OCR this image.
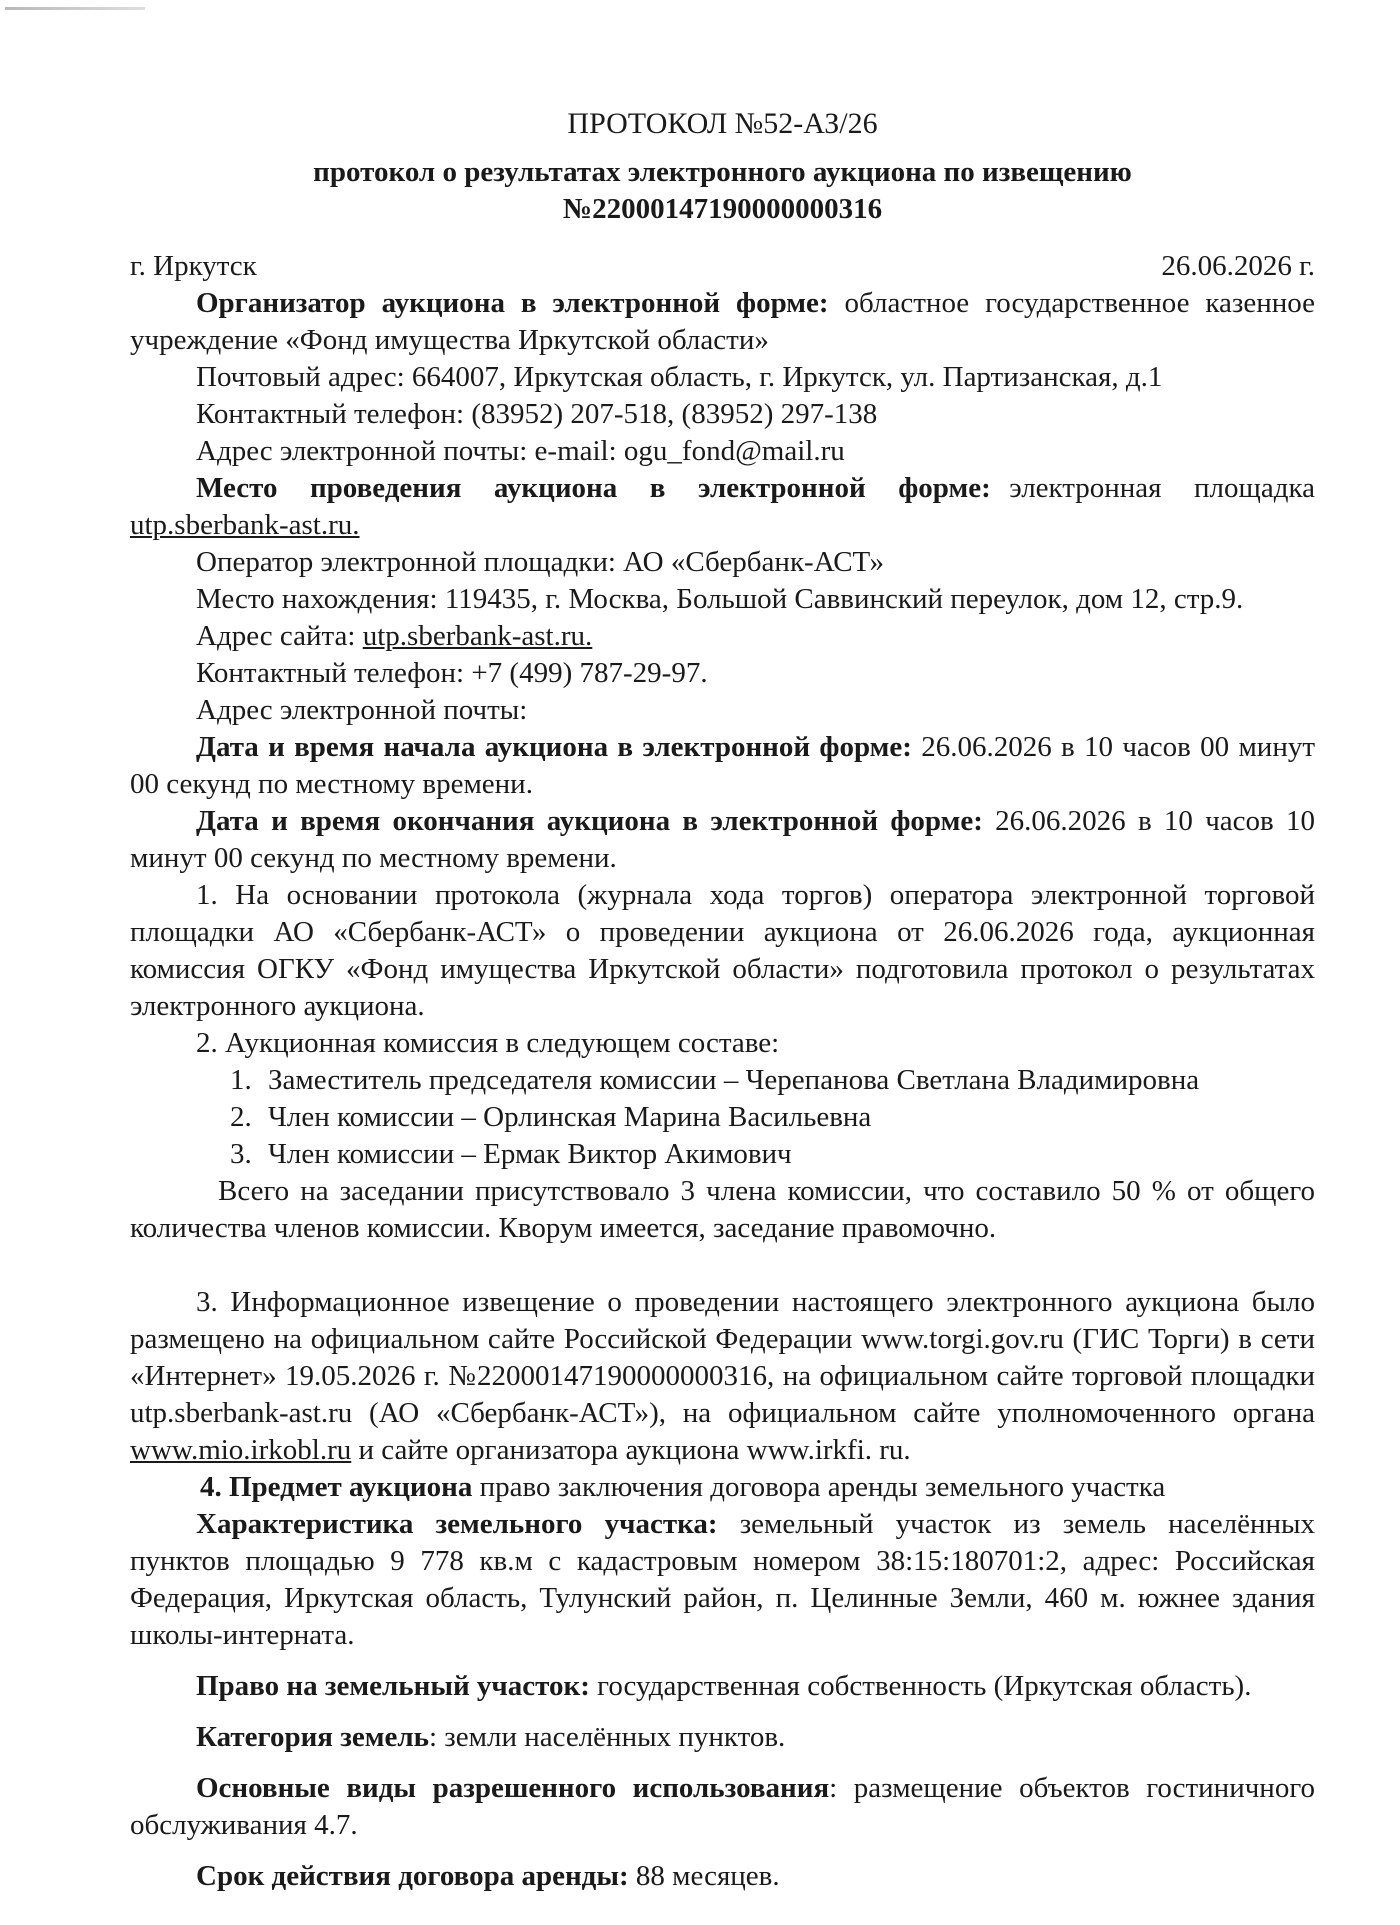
ПРОТОКОЛ №52-АЗ/26

протокол о результатах электронного аукциона по извещению
№22000147190000000316
г. Иркутск	26.06.2026 г.

Организатор аукциона в электронной форме: областное государственное казенное учреждение «Фонд имущества Иркутской области»

Почтовый адрес: 664007, Иркутская область, г. Иркутск, ул. Партизанская, д.1

Контактный телефон: (83952) 207-518, (83952) 297-138

Адрес электронной почты: e-mail: ogu_fond@mail.ru

Место проведения аукциона в электронной форме: электронная площадка utp.sberbank-ast.ru.

Оператор электронной площадки: АО «Сбербанк-АСТ»

Место нахождения: 119435, г. Москва, Большой Саввинский переулок, дом 12, стр.9.

Адрес сайта: utp.sberbank-ast.ru.

Контактный телефон: +7 (499) 787-29-97.

Адрес электронной почты:

Дата и время начала аукциона в электронной форме: 26.06.2026 в 10 часов 00 минут 00 секунд по местному времени.

Дата и время окончания аукциона в электронной форме: 26.06.2026 в 10 часов 10 минут 00 секунд по местному времени.

1. На основании протокола (журнала хода торгов) оператора электронной торговой площадки АО «Сбербанк-АСТ» о проведении аукциона от 26.06.2026 года, аукционная комиссия ОГКУ «Фонд имущества Иркутской области» подготовила протокол о результатах электронного аукциона.

2. Аукционная комиссия в следующем составе:

1. Заместитель председателя комиссии – Черепанова Светлана Владимировна
2. Член комиссии – Орлинская Марина Васильевна
3. Член комиссии – Ермак Виктор Акимович

Всего на заседании присутствовало 3 члена комиссии, что составило 50 % от общего количества членов комиссии. Кворум имеется, заседание правомочно.

3. Информационное извещение о проведении настоящего электронного аукциона было размещено на официальном сайте Российской Федерации www.torgi.gov.ru (ГИС Торги) в сети «Интернет» 19.05.2026 г. №22000147190000000316, на официальном сайте торговой площадки utp.sberbank-ast.ru (АО «Сбербанк-АСТ»), на официальном сайте уполномоченного органа www.mio.irkobl.ru и сайте организатора аукциона www.irkfi. ru.

4. Предмет аукциона право заключения договора аренды земельного участка

Характеристика земельного участка: земельный участок из земель населённых пунктов площадью 9 778 кв.м с кадастровым номером 38:15:180701:2, адрес: Российская Федерация, Иркутская область, Тулунский район, п. Целинные Земли, 460 м. южнее здания школы-интерната.

Право на земельный участок: государственная собственность (Иркутская область).

Категория земель: земли населённых пунктов.

Основные виды разрешенного использования: размещение объектов гостиничного обслуживания 4.7.

Срок действия договора аренды: 88 месяцев.
